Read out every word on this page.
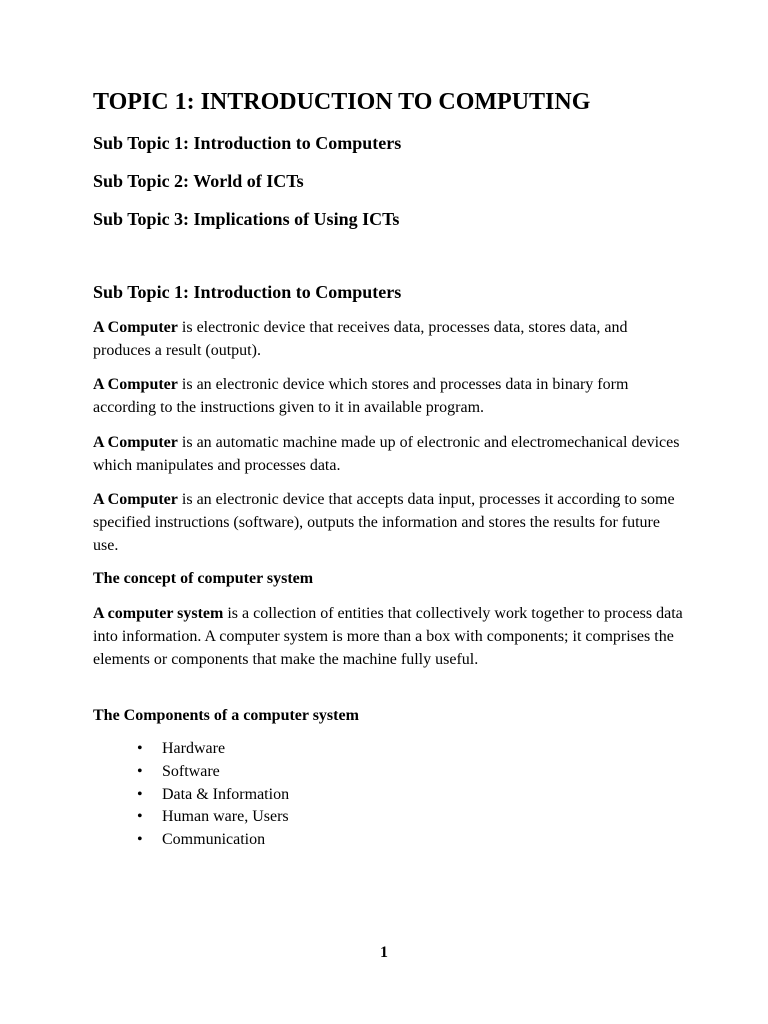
TOPIC 1: INTRODUCTION TO COMPUTING
Sub Topic 1: Introduction to Computers
Sub Topic 2: World of ICTs
Sub Topic 3: Implications of Using ICTs
Sub Topic 1: Introduction to Computers

A Computer is electronic device that receives data, processes data, stores data, and produces a result (output).

A Computer is an electronic device which stores and processes data in binary form according to the instructions given to it in available program.

A Computer is an automatic machine made up of electronic and electromechanical devices which manipulates and processes data.

A Computer is an electronic device that accepts data input, processes it according to some specified instructions (software), outputs the information and stores the results for future use.

The concept of computer system

A computer system is a collection of entities that collectively work together to process data into information. A computer system is more than a box with components; it comprises the elements or components that make the machine fully useful.

The Components of a computer system

• Hardware
• Software
• Data & Information
• Human ware, Users
• Communication
1
